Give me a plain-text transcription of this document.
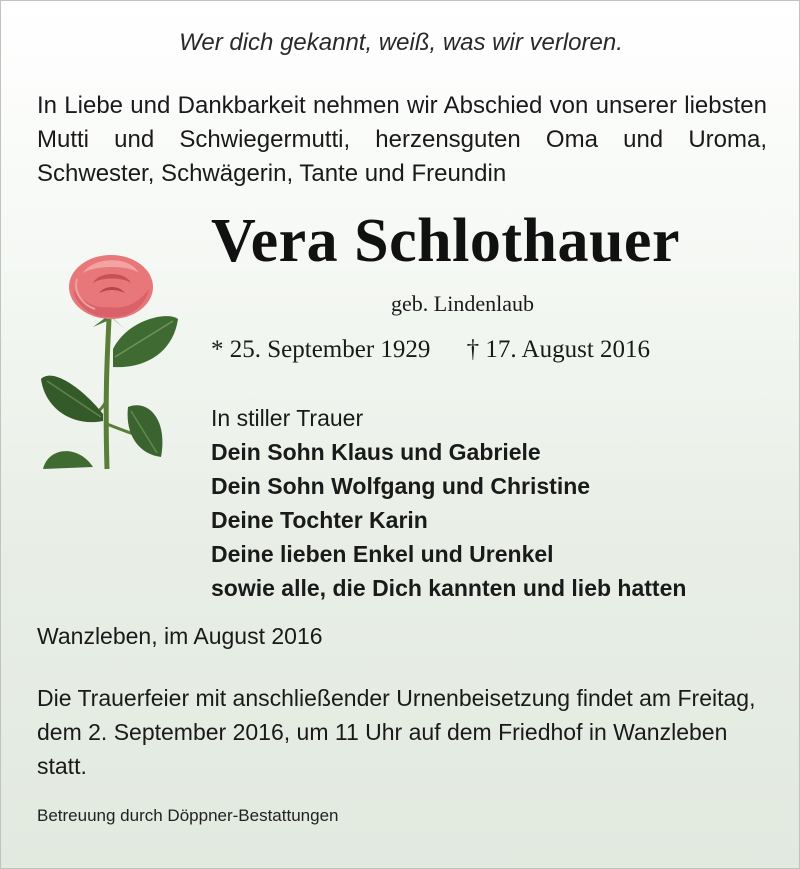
Wer dich gekannt, weiß, was wir verloren.
In Liebe und Dankbarkeit nehmen wir Abschied von unserer liebsten Mutti und Schwiegermutti, herzensguten Oma und Uroma, Schwester, Schwägerin, Tante und Freundin
Vera Schlothauer
geb. Lindenlaub
* 25. September 1929 † 17. August 2016
In stiller Trauer
Dein Sohn Klaus und Gabriele
Dein Sohn Wolfgang und Christine
Deine Tochter Karin
Deine lieben Enkel und Urenkel
sowie alle, die Dich kannten und lieb hatten
Wanzleben, im August 2016
Die Trauerfeier mit anschließender Urnenbeisetzung findet am Freitag, dem 2. September 2016, um 11 Uhr auf dem Friedhof in Wanzleben statt.
Betreuung durch Döppner-Bestattungen
